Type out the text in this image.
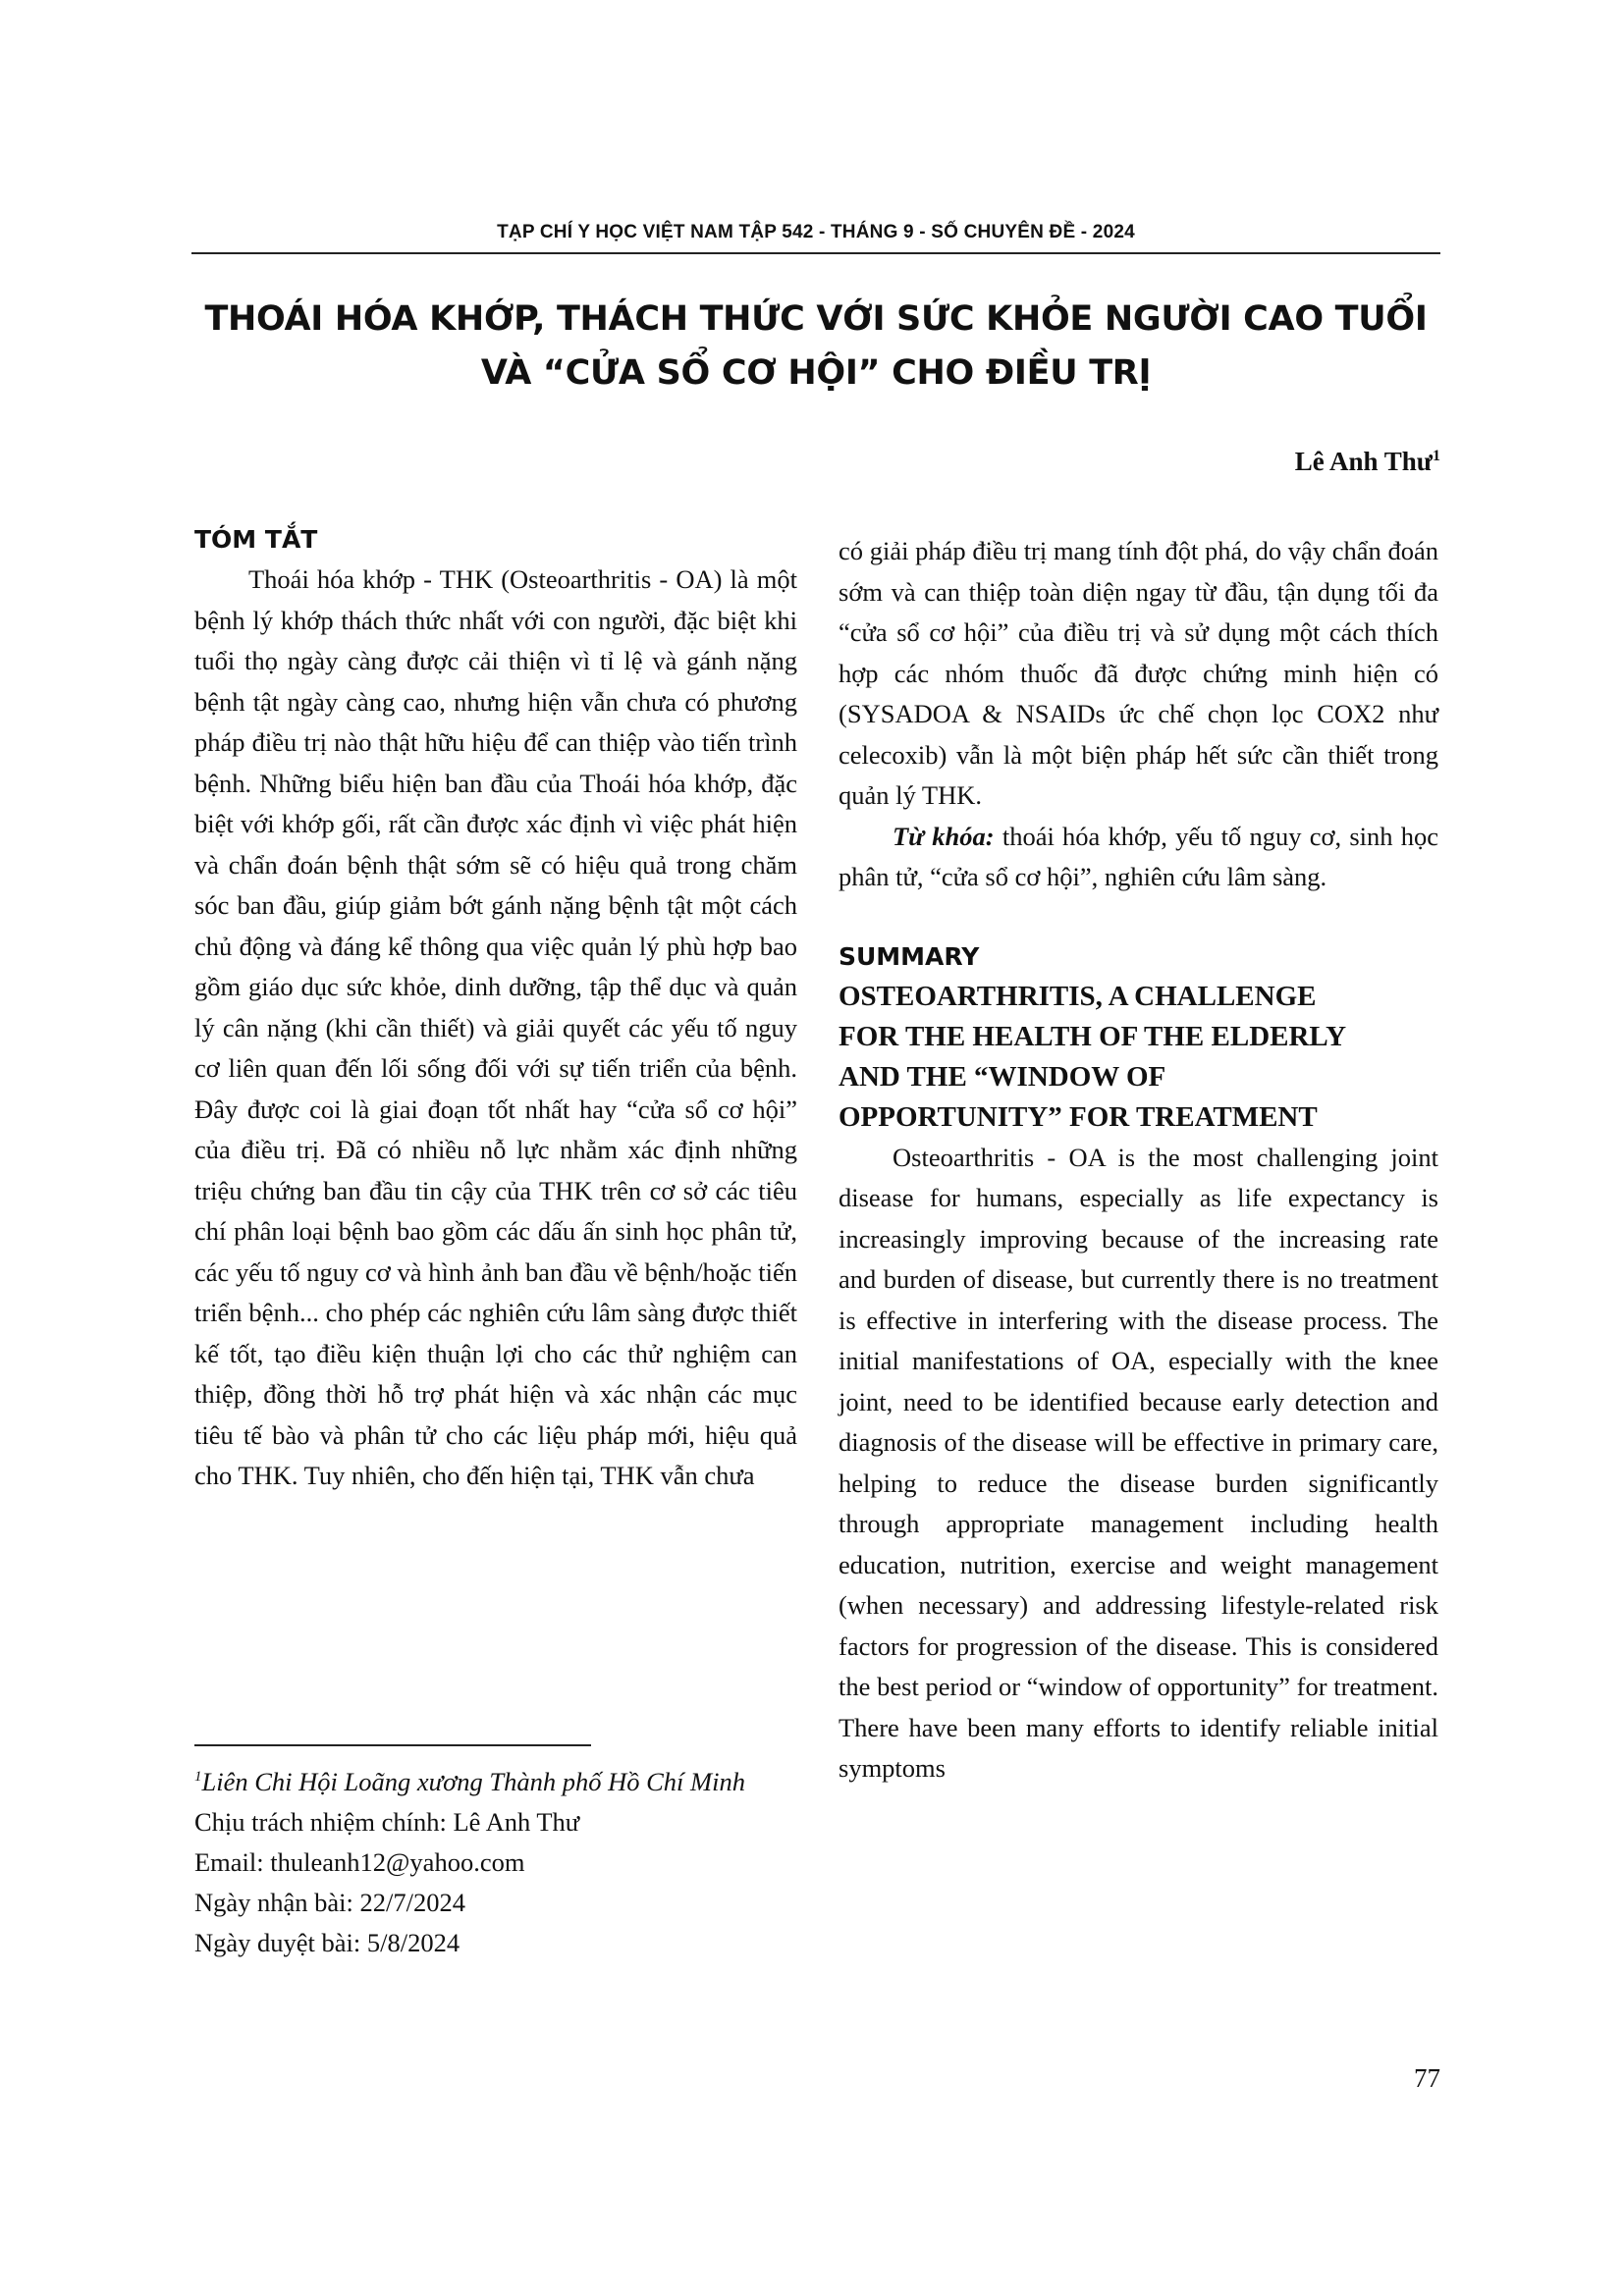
TẠP CHÍ Y HỌC VIỆT NAM TẬP 542 - THÁNG 9 - SỐ CHUYÊN ĐỀ - 2024
THOÁI HÓA KHỚP, THÁCH THỨC VỚI SỨC KHỎE NGƯỜI CAO TUỔI
VÀ “CỬA SỔ CƠ HỘI” CHO ĐIỀU TRỊ
Lê Anh Thư$^1$
TÓM TẮT

Thoái hóa khớp - THK (Osteoarthritis - OA) là một bệnh lý khớp thách thức nhất với con người, đặc biệt khi tuổi thọ ngày càng được cải thiện vì tỉ lệ và gánh nặng bệnh tật ngày càng cao, nhưng hiện vẫn chưa có phương pháp điều trị nào thật hữu hiệu để can thiệp vào tiến trình bệnh. Những biểu hiện ban đầu của Thoái hóa khớp, đặc biệt với khớp gối, rất cần được xác định vì việc phát hiện và chẩn đoán bệnh thật sớm sẽ có hiệu quả trong chăm sóc ban đầu, giúp giảm bớt gánh nặng bệnh tật một cách chủ động và đáng kể thông qua việc quản lý phù hợp bao gồm giáo dục sức khỏe, dinh dưỡng, tập thể dục và quản lý cân nặng (khi cần thiết) và giải quyết các yếu tố nguy cơ liên quan đến lối sống đối với sự tiến triển của bệnh. Đây được coi là giai đoạn tốt nhất hay “cửa sổ cơ hội” của điều trị. Đã có nhiều nỗ lực nhằm xác định những triệu chứng ban đầu tin cậy của THK trên cơ sở các tiêu chí phân loại bệnh bao gồm các dấu ấn sinh học phân tử, các yếu tố nguy cơ và hình ảnh ban đầu về bệnh/hoặc tiến triển bệnh... cho phép các nghiên cứu lâm sàng được thiết kế tốt, tạo điều kiện thuận lợi cho các thử nghiệm can thiệp, đồng thời hỗ trợ phát hiện và xác nhận các mục tiêu tế bào và phân tử cho các liệu pháp mới, hiệu quả cho THK. Tuy nhiên, cho đến hiện tại, THK vẫn chưa

$^1$Liên Chi Hội Loãng xương Thành phố Hồ Chí Minh

Chịu trách nhiệm chính: Lê Anh Thư

Email: thuleanh12@yahoo.com

Ngày nhận bài: 22/7/2024

Ngày duyệt bài: 5/8/2024

có giải pháp điều trị mang tính đột phá, do vậy chẩn đoán sớm và can thiệp toàn diện ngay từ đầu, tận dụng tối đa “cửa sổ cơ hội” của điều trị và sử dụng một cách thích hợp các nhóm thuốc đã được chứng minh hiện có (SYSADOA & NSAIDs ức chế chọn lọc COX2 như celecoxib) vẫn là một biện pháp hết sức cần thiết trong quản lý THK.

Từ khóa: thoái hóa khớp, yếu tố nguy cơ, sinh học phân tử, “cửa sổ cơ hội”, nghiên cứu lâm sàng.

SUMMARY

OSTEOARTHRITIS, A CHALLENGE

FOR THE HEALTH OF THE ELDERLY

AND THE “WINDOW OF

OPPORTUNITY” FOR TREATMENT

Osteoarthritis - OA is the most challenging joint disease for humans, especially as life expectancy is increasingly improving because of the increasing rate and burden of disease, but currently there is no treatment is effective in interfering with the disease process. The initial manifestations of OA, especially with the knee joint, need to be identified because early detection and diagnosis of the disease will be effective in primary care, helping to reduce the disease burden significantly through appropriate management including health education, nutrition, exercise and weight management (when necessary) and addressing lifestyle-related risk factors for progression of the disease. This is considered the best period or “window of opportunity” for treatment. There have been many efforts to identify reliable initial symptoms

77
